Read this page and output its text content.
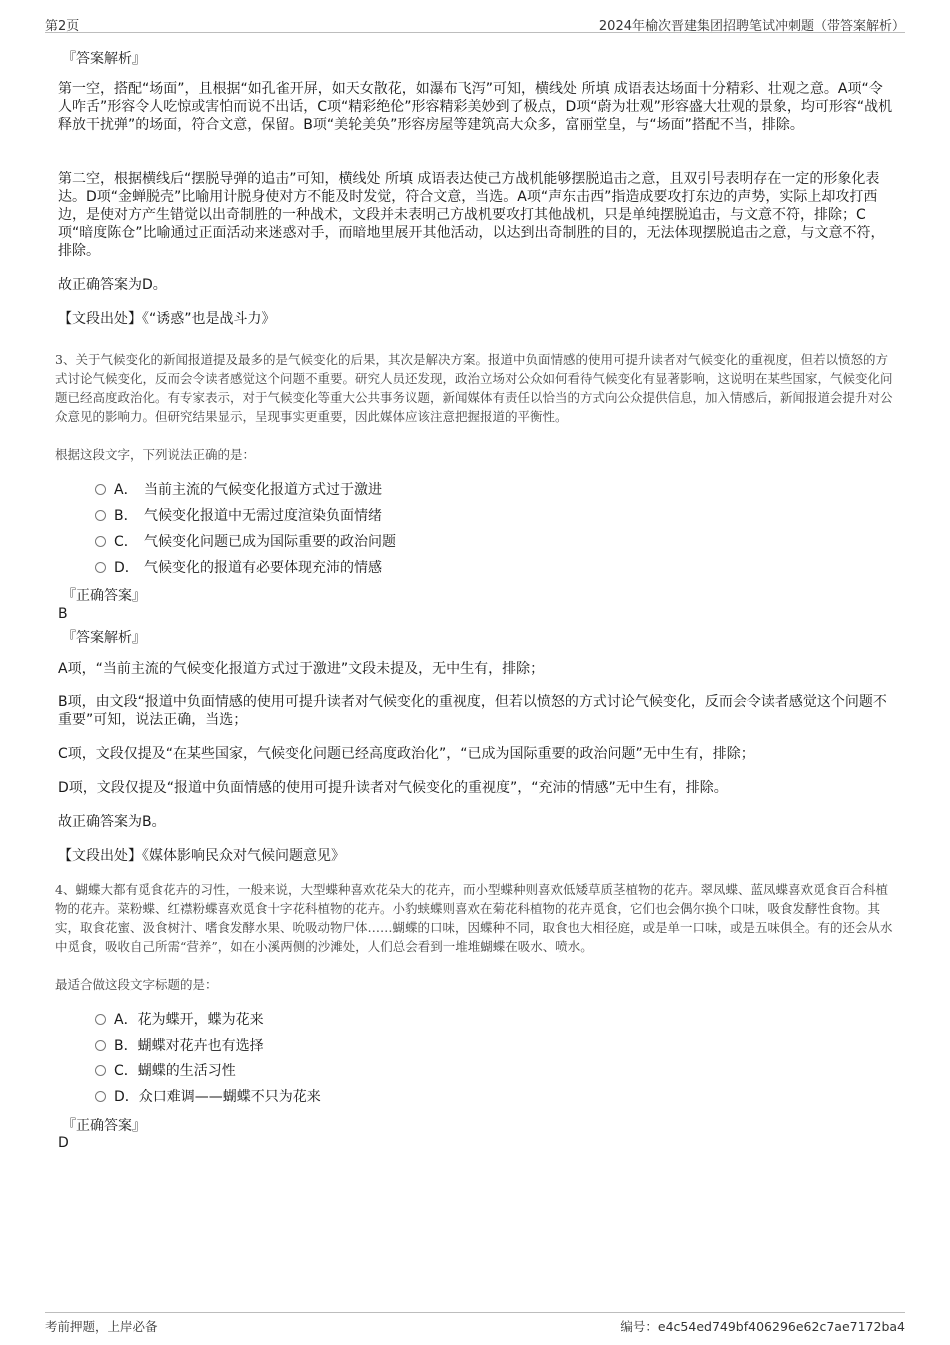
第2页	2024年榆次晋建集团招聘笔试冲刺题（带答案解析）
『答案解析』
第一空，搭配“场面”，且根据“如孔雀开屏，如天女散花，如瀑布飞泻”可知，横线处 所填 成语表达场面十分精彩、壮观之意。A项“令人咋舌”形容令人吃惊或害怕而说不出话，C项“精彩绝伦”形容精彩美妙到了极点，D项“蔚为壮观”形容盛大壮观的景象，均可形容“战机释放干扰弹”的场面，符合文意，保留。B项“美轮美奂”形容房屋等建筑高大众多，富丽堂皇，与“场面”搭配不当，排除。
第二空，根据横线后“摆脱导弹的追击”可知，横线处 所填 成语表达使己方战机能够摆脱追击之意，且双引号表明存在一定的形象化表达。D项“金蝉脱壳”比喻用计脱身使对方不能及时发觉，符合文意，当选。A项“声东击西”指造成要攻打东边的声势，实际上却攻打西边，是使对方产生错觉以出奇制胜的一种战术，文段并未表明己方战机要攻打其他战机，只是单纯摆脱追击，与文意不符，排除；C项“暗度陈仓”比喻通过正面活动来迷惑对手，而暗地里展开其他活动，以达到出奇制胜的目的，无法体现摆脱追击之意，与文意不符，排除。
故正确答案为D。
【文段出处】《“诱惑”也是战斗力》
3、关于气候变化的新闻报道提及最多的是气候变化的后果，其次是解决方案。报道中负面情感的使用可提升读者对气候变化的重视度，但若以愤怒的方式讨论气候变化，反而会令读者感觉这个问题不重要。研究人员还发现，政治立场对公众如何看待气候变化有显著影响，这说明在某些国家，气候变化问题已经高度政治化。有专家表示，对于气候变化等重大公共事务议题，新闻媒体有责任以恰当的方式向公众提供信息，加入情感后，新闻报道会提升对公众意见的影响力。但研究结果显示，呈现事实更重要，因此媒体应该注意把握报道的平衡性。
根据这段文字，下列说法正确的是：
A． 当前主流的气候变化报道方式过于激进
B． 气候变化报道中无需过度渲染负面情绪
C． 气候变化问题已成为国际重要的政治问题
D． 气候变化的报道有必要体现充沛的情感
『正确答案』
B
『答案解析』
A项，“当前主流的气候变化报道方式过于激进”文段未提及，无中生有，排除；
B项，由文段“报道中负面情感的使用可提升读者对气候变化的重视度，但若以愤怒的方式讨论气候变化，反而会令读者感觉这个问题不重要”可知，说法正确，当选；
C项，文段仅提及“在某些国家，气候变化问题已经高度政治化”，“已成为国际重要的政治问题”无中生有，排除；
D项，文段仅提及“报道中负面情感的使用可提升读者对气候变化的重视度”，“充沛的情感”无中生有，排除。
故正确答案为B。
【文段出处】《媒体影响民众对气候问题意见》
4、蝴蝶大都有觅食花卉的习性，一般来说，大型蝶种喜欢花朵大的花卉，而小型蝶种则喜欢低矮草质茎植物的花卉。翠凤蝶、蓝凤蝶喜欢觅食百合科植物的花卉。菜粉蝶、红襟粉蝶喜欢觅食十字花科植物的花卉。小豹蛱蝶则喜欢在菊花科植物的花卉觅食，它们也会偶尔换个口味，吸食发酵性食物。其实，取食花蜜、汲食树汁、嗜食发酵水果、吮吸动物尸体……蝴蝶的口味，因蝶种不同，取食也大相径庭，或是单一口味，或是五味俱全。有的还会从水中觅食，吸收自己所需“营养”，如在小溪两侧的沙滩处，人们总会看到一堆堆蝴蝶在吸水、喷水。
最适合做这段文字标题的是：
A．花为蝶开，蝶为花来
B．蝴蝶对花卉也有选择
C．蝴蝶的生活习性
D．众口难调——蝴蝶不只为花来
『正确答案』
D
考前押题，上岸必备	编号：e4c54ed749bf406296e62c7ae7172ba4
